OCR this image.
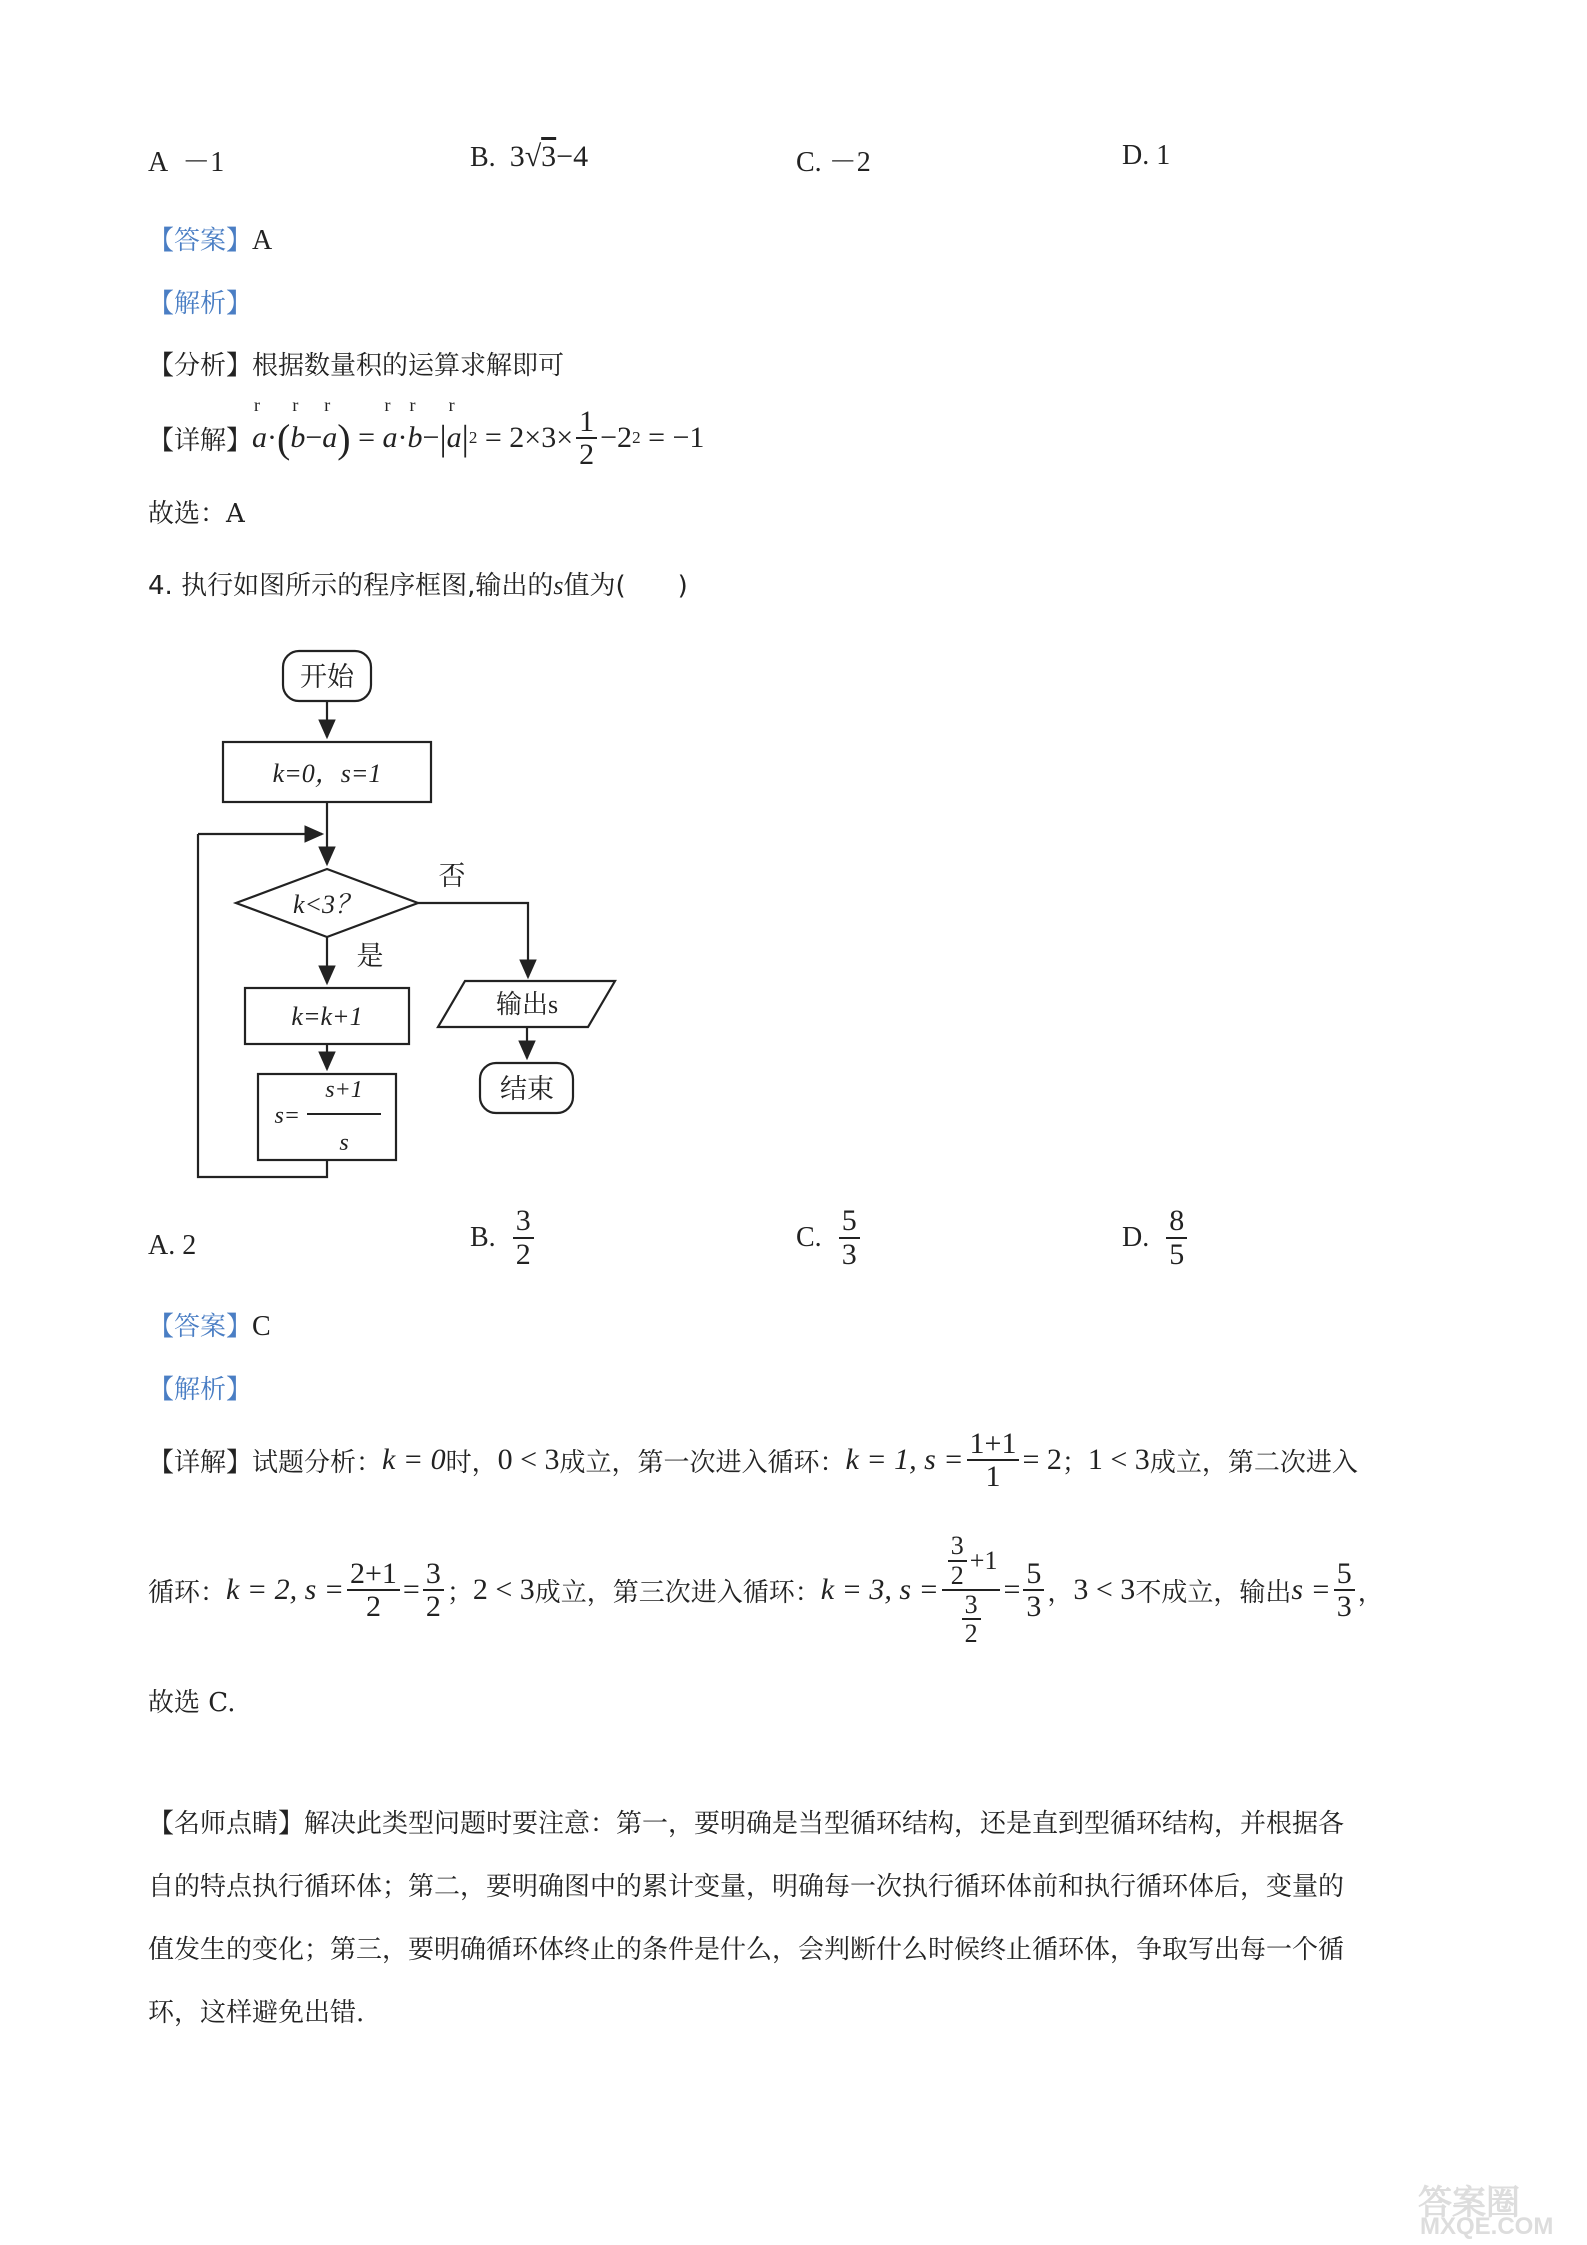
A －1	B. 3√3−4	C. －2	D. 1
【答案】A
【解析】
【分析】根据数量积的运算求解即可
【详解】
r
a · (
r
b −
r
a )
=

r
a ·
r
b − |
r
a | 2
=
$2\times 3\times \frac{1}{2} -2$ 2
= −1
故选：A
4. 执行如图所示的程序框图,输出的s值为(　　)
开始
k=0，s=1
k<3？
否
是
k=k+1
s=
s+1
s
输出s
结束
A. 2	B.
$\frac{3}{2}$	C.
$\frac{5}{3}$	D.
$\frac{8}{5}$
【答案】C
【解析】
【详解】 试题分析： k = 0 时， 0 < 3 成立，第一次进入循环： k = 1, $s = \frac{1+1}{1} = 2$ ； 1 < 3 成立，第二次进入
循环： k = 2, $s = \frac{2+1}{2} = \frac{3}{2}$ ； 2 < 3 成立，第三次进入循环： k = 3, $s = \frac{\frac{3}{2} +1}{\frac{3}{2}} = \frac{5}{3}$ ， 3 < 3 不成立，输出 $s = \frac{5}{3}$ ，
故选 C.
【名师点睛】解决此类型问题时要注意：第一，要明确是当型循环结构，还是直到型循环结构，并根据各
自的特点执行循环体；第二，要明确图中的累计变量，明确每一次执行循环体前和执行循环体后，变量的
值发生的变化；第三，要明确循环体终止的条件是什么，会判断什么时候终止循环体，争取写出每一个循
环，这样避免出错.
答案圈
MXQE.COM
